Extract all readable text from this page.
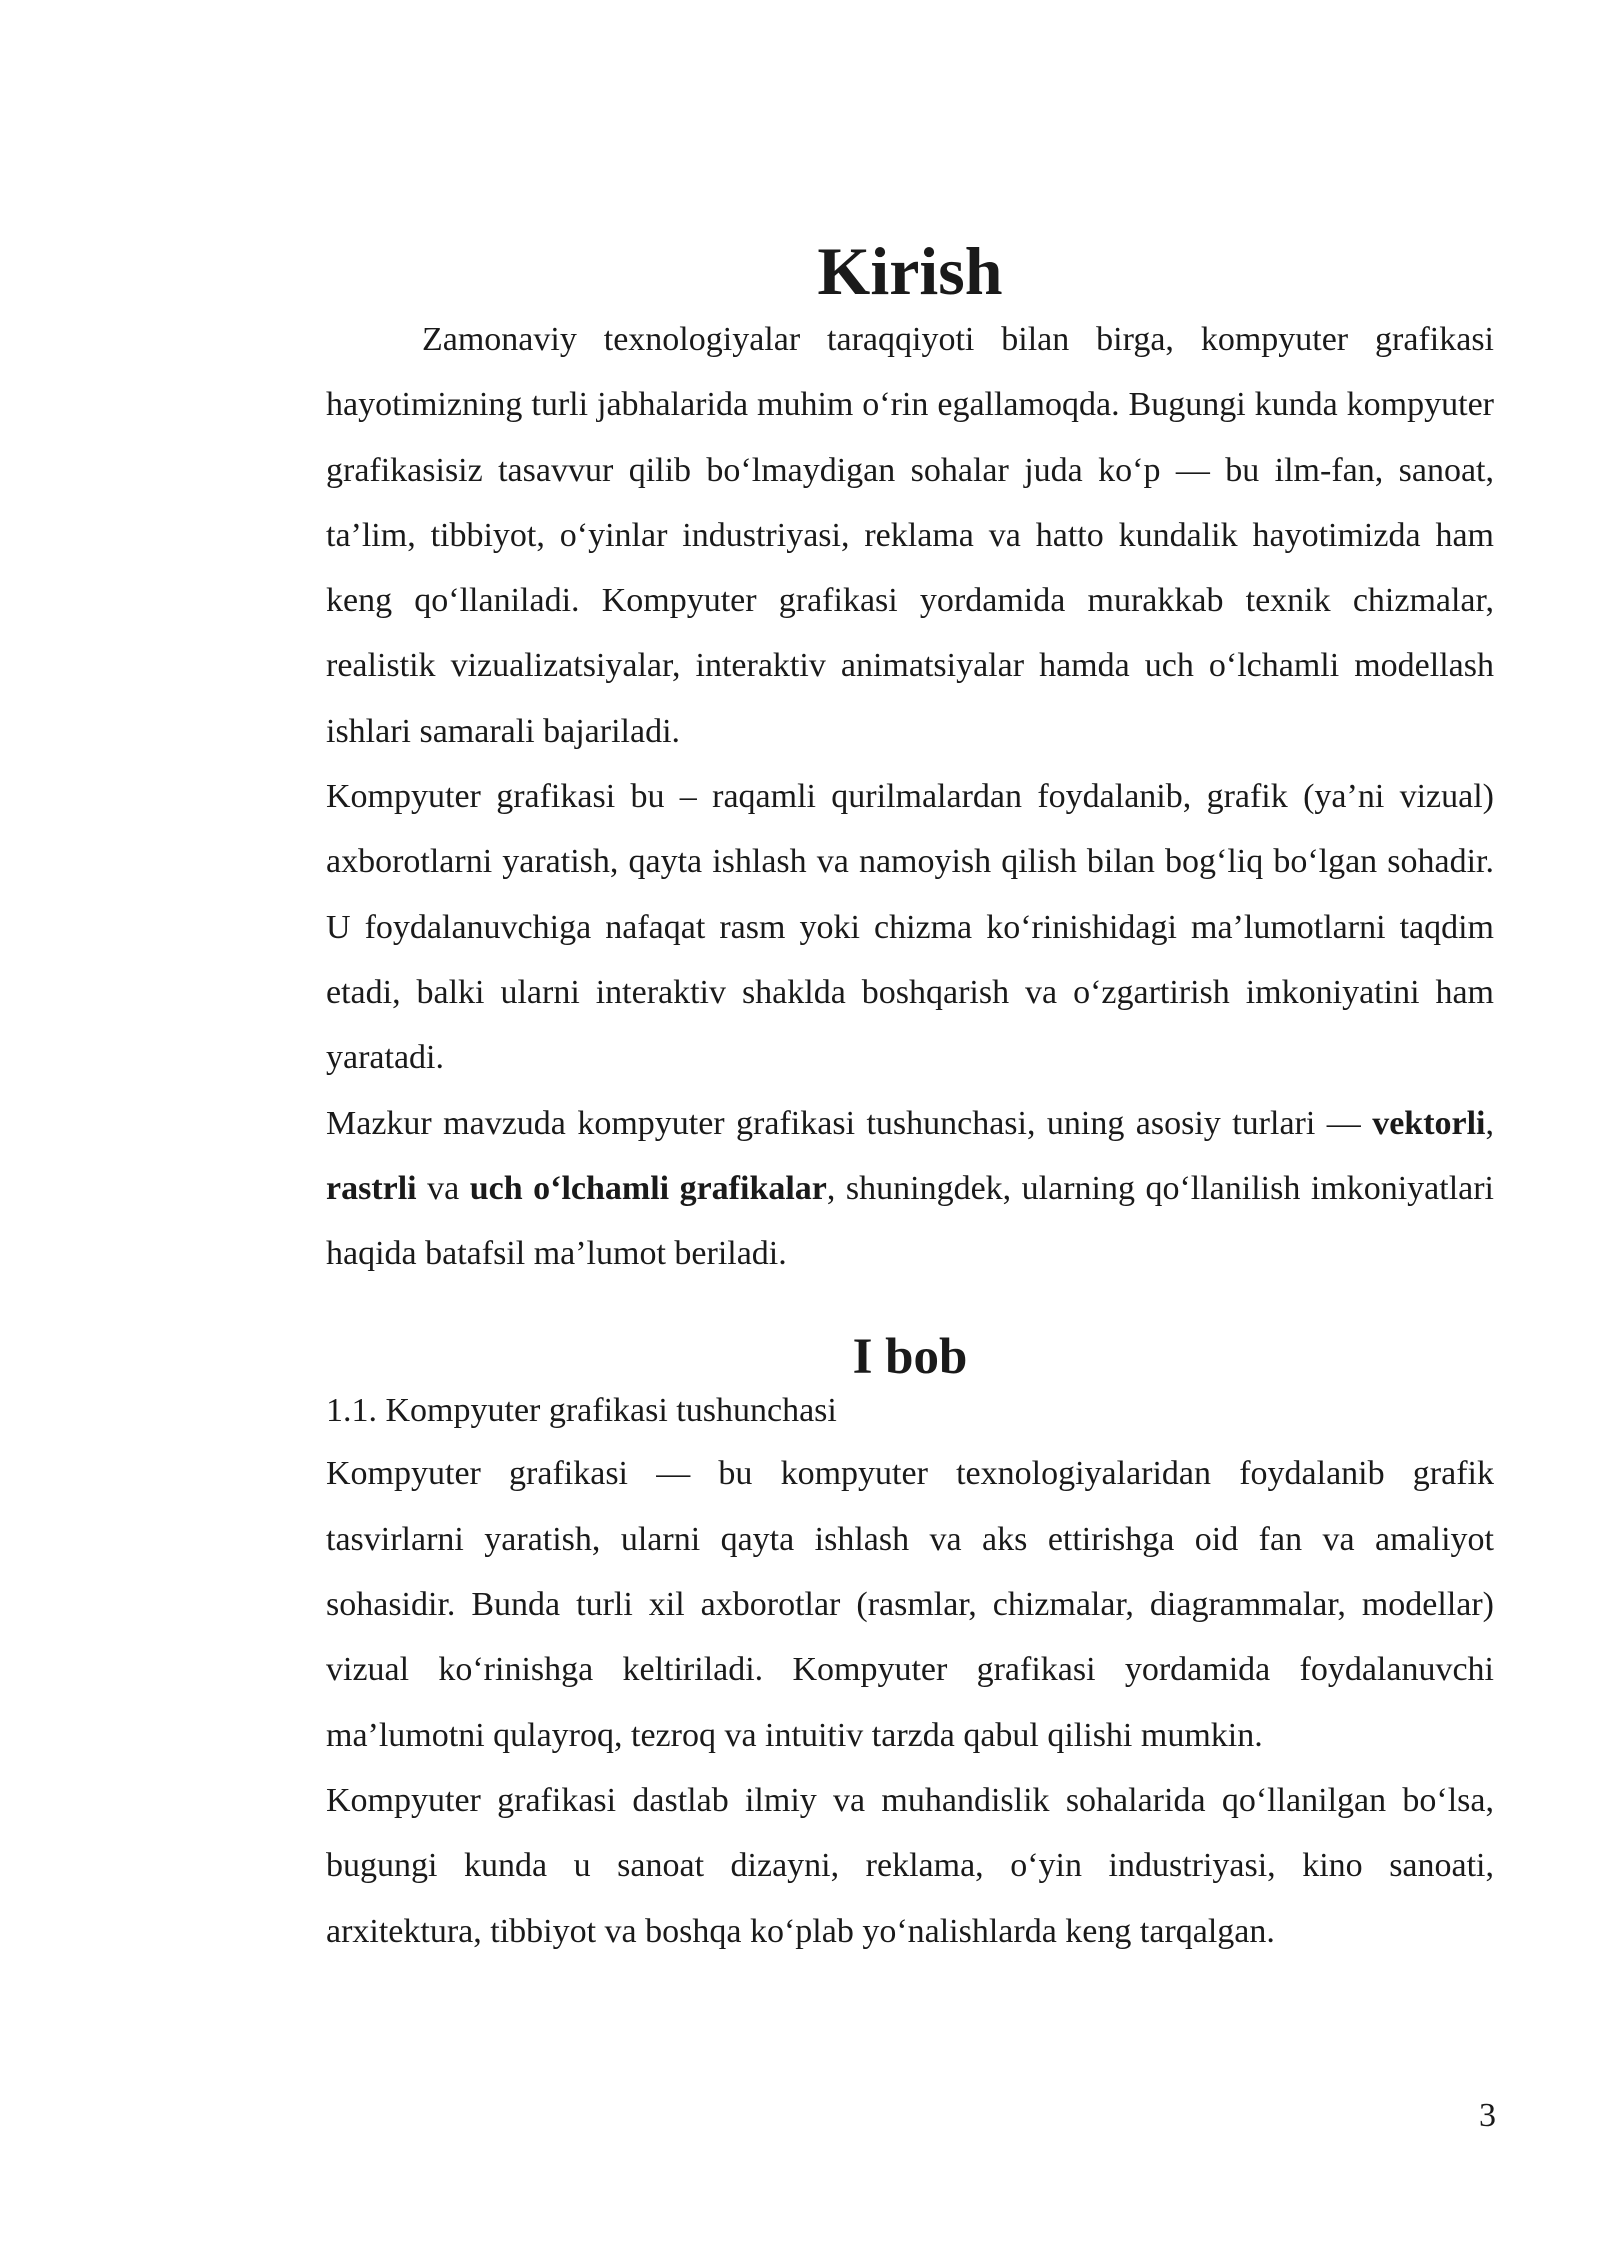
Kirish

Zamonaviy texnologiyalar taraqqiyoti bilan birga, kompyuter grafikasi hayotimizning turli jabhalarida muhim o‘rin egallamoqda. Bugungi kunda kompyuter grafikasisiz tasavvur qilib bo‘lmaydigan sohalar juda ko‘p — bu ilm-fan, sanoat, ta’lim, tibbiyot, o‘yinlar industriyasi, reklama va hatto kundalik hayotimizda ham keng qo‘llaniladi. Kompyuter grafikasi yordamida murakkab texnik chizmalar, realistik vizualizatsiyalar, interaktiv animatsiyalar hamda uch o‘lchamli modellash ishlari samarali bajariladi.

Kompyuter grafikasi bu – raqamli qurilmalardan foydalanib, grafik (ya’ni vizual) axborotlarni yaratish, qayta ishlash va namoyish qilish bilan bog‘liq bo‘lgan sohadir. U foydalanuvchiga nafaqat rasm yoki chizma ko‘rinishidagi ma’lumotlarni taqdim etadi, balki ularni interaktiv shaklda boshqarish va o‘zgartirish imkoniyatini ham yaratadi.

Mazkur mavzuda kompyuter grafikasi tushunchasi, uning asosiy turlari — vektorli, rastrli va uch o‘lchamli grafikalar, shuningdek, ularning qo‘llanilish imkoniyatlari haqida batafsil ma’lumot beriladi.

I bob

1.1. Kompyuter grafikasi tushunchasi

Kompyuter grafikasi — bu kompyuter texnologiyalaridan foydalanib grafik tasvirlarni yaratish, ularni qayta ishlash va aks ettirishga oid fan va amaliyot sohasidir. Bunda turli xil axborotlar (rasmlar, chizmalar, diagrammalar, modellar) vizual ko‘rinishga keltiriladi. Kompyuter grafikasi yordamida foydalanuvchi ma’lumotni qulayroq, tezroq va intuitiv tarzda qabul qilishi mumkin.

Kompyuter grafikasi dastlab ilmiy va muhandislik sohalarida qo‘llanilgan bo‘lsa, bugungi kunda u sanoat dizayni, reklama, o‘yin industriyasi, kino sanoati, arxitektura, tibbiyot va boshqa ko‘plab yo‘nalishlarda keng tarqalgan.

3
